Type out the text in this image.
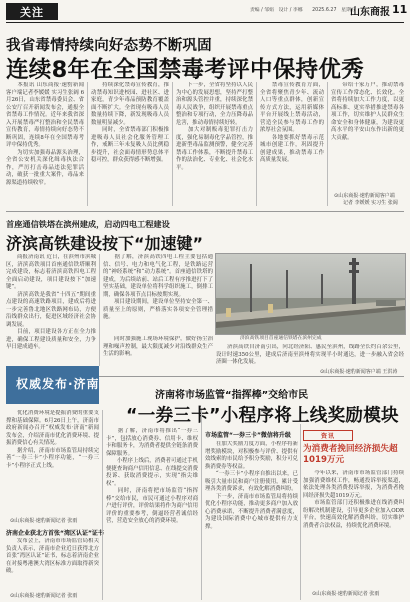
关注	责编 / 邹娟　设计 / 李娜　　2025.6.27　星期五
山东商报 11
我省毒情持续向好态势不断巩固
连续8年在全国禁毒考评中保持优秀
　　本报讯 山东商报·速豹新闻客户端记者李媛媛 实习生张阔 6月26日，山东省禁毒委员会、省公安厅召开新闻发布会，通报全省禁毒工作情况。近年来我省深入开展禁毒严打整治和全民禁毒宣传教育，毒情持续向好态势不断巩固，连续8年在全国禁毒考评中保持优秀。
　　为切实加强毒品源头治理，全省公安机关深化缉毒执法合作，严厉打击毒品违法犯罪活动，破获一批重大案件，毒品来源渠道持续收窄。
　　持续深化禁毒宣传教育，推动禁毒知识进校园、进社区、进家庭，青少年毒品预防教育覆盖面不断扩大。全省现有吸毒人员数量持续下降，新发现吸毒人员数量明显减少。
　　同时，全省禁毒部门积极推进吸毒人员社会化服务管理工作，戒断三年未复吸人员比例稳步提升，社会面毒情形势总体平稳可控，群众获得感不断增强。
　　下一步，全省将坚持以人民为中心的发展思想，坚持严打整治和源头管控并重，持续深化禁毒人民战争，组织开展禁毒重点整治和专项行动，全力压降毒品危害，推动毒情持续好转。
　　加大对制贩毒犯罪打击力度，强化易制毒化学品管控，推进新型毒品监测预警，健全完善禁毒工作体系，不断提升禁毒工作的法治化、专业化、社会化水平。
　　禁毒宣传教育方面，全省将聚焦青少年、流动人口等重点群体，创新宣传方式方法，运用新媒体平台开展线上禁毒活动，营造全民参与禁毒工作的浓厚社会氛围。
　　各地要抓好禁毒示范城市创建工作，巩固提升创建成果，推动禁毒工作高质量发展。
　　带给千家万户，推动禁毒宣传工作常态化、长效化。全省将持续加大工作力度，以更高标准、更实举措推进禁毒各项工作，切实维护人民群众生命安全和身体健康，为建设更高水平的平安山东作出新的更大贡献。
⊙山东商报·速豹新闻客户端
记者 李媛媛 实习生 张阔
首座通信铁塔在滨州建成，启动四电工程建设
济滨高铁建设按下“加速键”
　　商报济南讯 近日，在滨州市滨城区，济滨高铁项目首座通信铁塔顺利完成建设，标志着济滨高铁四电工程全面启动建设，项目建设按下“加速键”。
　　济滨高铁是我省“十四五”期间重点建设的高速铁路项目，建成后将进一步完善鲁北地区铁路网布局，方便沿线群众出行，促进区域经济社会协调发展。
　　目前，项目建设各方正在全力推进，确保工程建设质量和安全，力争早日建成通车。
　　据了解，济滨高铁四电工程主要包括通信、信号、电力和电气化工程，是铁路运营的“神经系统”和“动力系统”。首座通信铁塔的建成，为后续站前、站后工程有序推进打下了坚实基础，建设单位将科学组织施工，倒排工期，确保各项节点目标按期实现。
　　项目建设期间，建设单位坚持安全第一、质量至上的原则，严格落实各项安全管理措施。
济滨高铁项目首座通信铁塔在滨州完成
　　同时加强施工现场环境保护，做好扬尘治理和噪声控制，最大限度减少对沿线群众生产生活的影响。
　　济滨高铁自济南引出，向北经济阳、惠民至滨州，线路全长约百余公里，设计时速350公里，建成后济南至滨州将实现半小时通达，进一步融入省会经济圈一体化发展。
⊙山东商报·速豹新闻客户端 王洪涛
权威发布·济南
济南将市场监管“指挥棒”交给市民
“一券三卡”小程序将上线奖励模块
　　优化消费环境是提振消费的重要支撑和基础保障。6月26日上午，济南市政府新闻办召开“权威发布·济南”新闻发布会，介绍济南市优化消费环境、提振消费信心有关情况。
　　据介绍，济南市市场监管局持续完善“一券三卡”小程序功能，“一券三卡”小程序正式上线。
⊙山东商报·速豹新闻记者 张雨
济南企业获北方首张“湾区认证”证书
　　发布会上，济南市市场监管局相关负责人表示，济南市企业近日获得北方首张“湾区认证”证书，标志着济南企业在对接粤港澳大湾区标准方面取得新突破。
⊙山东商报·速豹新闻记者 张雨
　　据了解，济南市将推出“一券三卡”，包括放心消费券、信用卡、维权卡和服务卡，为消费者提供全链条消费保障服务。
　　小程序上线后，消费者可通过手机便捷查询商户信用信息、在线提交消费投诉、获取消费提示，实现“指尖维权”。
　　同时，济南将把市场监管“指挥棒”交给市民，市民可通过小程序对商户进行评价，评价结果将作为商户信用评价的重要参考，倒逼经营者诚信经营，营造安全放心的消费环境。
市场监管“一券三卡”微信将升级
　　在加大奖励力度方面，小程序将新增奖励模块，对积极参与评价、提供有效线索的市民给予积分奖励，积分可兑换消费券等权益。
　　“一券三卡”小程序自推出以来，已吸引大量市民和商户注册使用，累计受理各类消费诉求，有效化解消费纠纷。
　　下一步，济南市市场监管局将持续优化小程序功能，推动更多商户加入放心消费承诺，不断提升消费者满意度，为建设国际消费中心城市提供有力支撑。
资讯
为消费者挽回经济损失超1019万元
　　今年以来，济南市市场监管部门持续加强消费维权工作，畅通投诉举报渠道，依法处理各类消费投诉举报，为消费者挽回经济损失超1019万元。
　　市场监管部门还积极推进在线消费纠纷解决机制建设，引导更多企业加入ODR平台，快速高效化解消费纠纷，切实维护消费者合法权益，持续优化消费环境。
⊙山东商报·速豹新闻记者 张雨
